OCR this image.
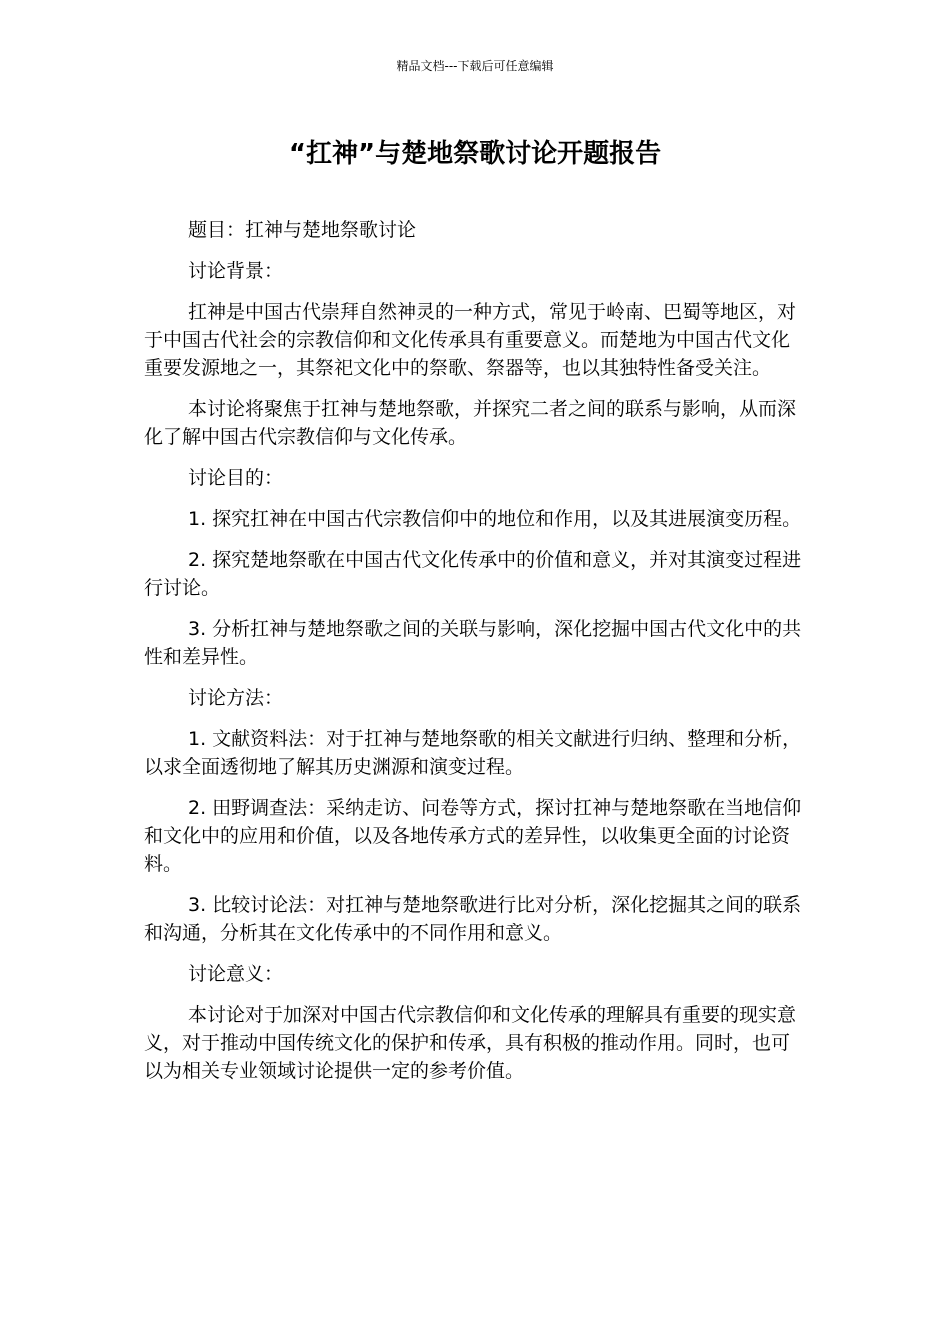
精品文档---下载后可任意编辑
“扛神”与楚地祭歌讨论开题报告

题目：扛神与楚地祭歌讨论

讨论背景：

扛神是中国古代崇拜自然神灵的一种方式，常见于岭南、巴蜀等地区，对于中国古代社会的宗教信仰和文化传承具有重要意义。而楚地为中国古代文化重要发源地之一，其祭祀文化中的祭歌、祭器等，也以其独特性备受关注。

本讨论将聚焦于扛神与楚地祭歌，并探究二者之间的联系与影响，从而深化了解中国古代宗教信仰与文化传承。

讨论目的：

1. 探究扛神在中国古代宗教信仰中的地位和作用，以及其进展演变历程。

2. 探究楚地祭歌在中国古代文化传承中的价值和意义，并对其演变过程进行讨论。

3. 分析扛神与楚地祭歌之间的关联与影响，深化挖掘中国古代文化中的共性和差异性。

讨论方法：

1. 文献资料法：对于扛神与楚地祭歌的相关文献进行归纳、整理和分析，以求全面透彻地了解其历史渊源和演变过程。

2. 田野调查法：采纳走访、问卷等方式，探讨扛神与楚地祭歌在当地信仰和文化中的应用和价值，以及各地传承方式的差异性，以收集更全面的讨论资料。

3. 比较讨论法：对扛神与楚地祭歌进行比对分析，深化挖掘其之间的联系和沟通，分析其在文化传承中的不同作用和意义。

讨论意义：

本讨论对于加深对中国古代宗教信仰和文化传承的理解具有重要的现实意义，对于推动中国传统文化的保护和传承，具有积极的推动作用。同时，也可以为相关专业领域讨论提供一定的参考价值。
